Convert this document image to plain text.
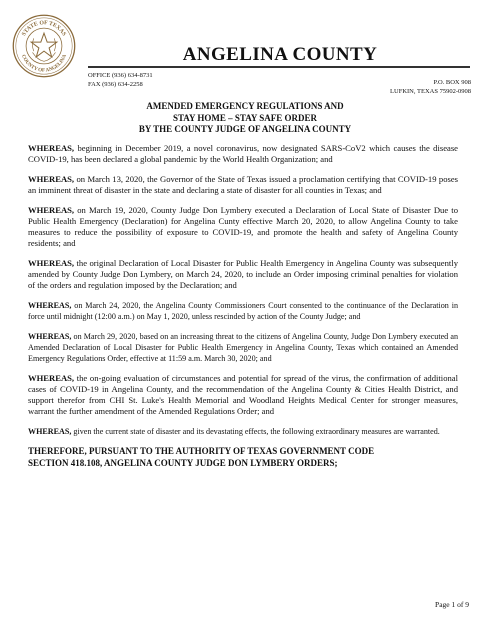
STATE OF TEXAS
COUNTY OF ANGELINA	ANGELINA COUNTY
OFFICE (936) 634-8731
FAX (936) 634-2258	P.O. BOX 908
LUFKIN, TEXAS 75902-0908
AMENDED EMERGENCY REGULATIONS AND
STAY HOME – STAY SAFE ORDER
BY THE COUNTY JUDGE OF ANGELINA COUNTY

WHEREAS, beginning in December 2019, a novel coronavirus, now designated SARS-CoV2 which causes the disease COVID-19, has been declared a global pandemic by the World Health Organization; and

WHEREAS, on March 13, 2020, the Governor of the State of Texas issued a proclamation certifying that COVID-19 poses an imminent threat of disaster in the state and declaring a state of disaster for all counties in Texas; and

WHEREAS, on March 19, 2020, County Judge Don Lymbery executed a Declaration of Local State of Disaster Due to Public Health Emergency (Declaration) for Angelina Cunty effective March 20, 2020, to allow Angelina County to take measures to reduce the possibility of exposure to COVID-19, and promote the health and safety of Angelina County residents; and

WHEREAS, the original Declaration of Local Disaster for Public Health Emergency in Angelina County was subsequently amended by County Judge Don Lymbery, on March 24, 2020, to include an Order imposing criminal penalties for violation of the orders and regulation imposed by the Declaration; and

WHEREAS, on March 24, 2020, the Angelina County Commissioners Court consented to the continuance of the Declaration in force until midnight (12:00 a.m.) on May 1, 2020, unless rescinded by action of the County Judge; and

WHEREAS, on March 29, 2020, based on an increasing threat to the citizens of Angelina County, Judge Don Lymbery executed an Amended Declaration of Local Disaster for Public Health Emergency in Angelina County, Texas which contained an Amended Emergency Regulations Order, effective at 11:59 a.m. March 30, 2020; and

WHEREAS, the on-going evaluation of circumstances and potential for spread of the virus, the confirmation of additional cases of COVID-19 in Angelina County, and the recommendation of the Angelina County & Cities Health District, and support therefor from CHI St. Luke's Health Memorial and Woodland Heights Medical Center for stronger measures, warrant the further amendment of the Amended Regulations Order; and

WHEREAS, given the current state of disaster and its devastating effects, the following extraordinary measures are warranted.

THEREFORE, PURSUANT TO THE AUTHORITY OF TEXAS GOVERNMENT CODE
SECTION 418.108, ANGELINA COUNTY JUDGE DON LYMBERY ORDERS;
Page 1 of 9
